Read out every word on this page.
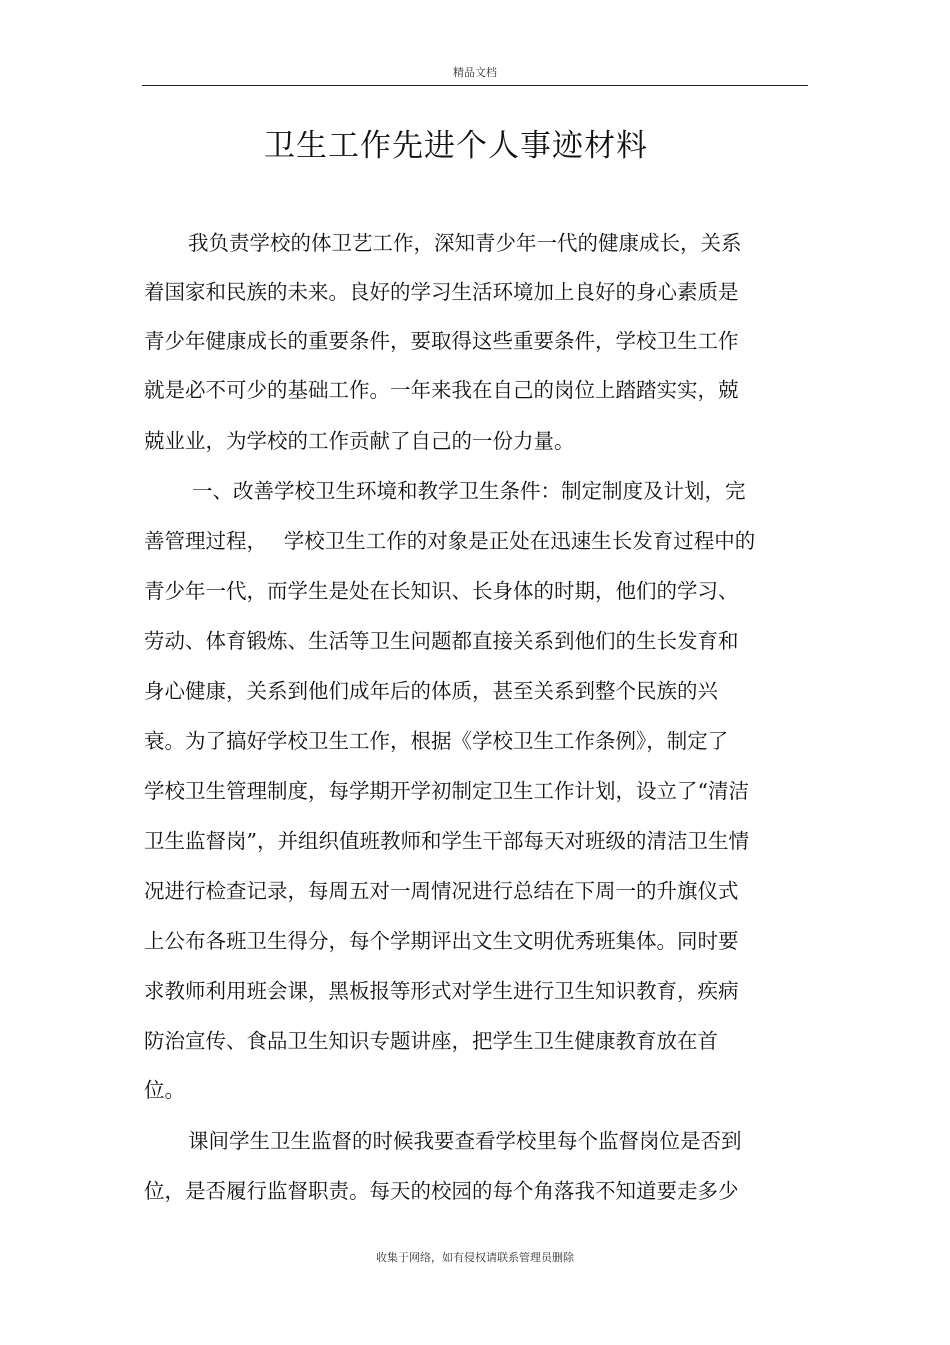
精品文档
卫生工作先进个人事迹材料
我负责学校的体卫艺工作，深知青少年一代的健康成长，关系
着国家和民族的未来。良好的学习生活环境加上良好的身心素质是
青少年健康成长的重要条件，要取得这些重要条件，学校卫生工作
就是必不可少的基础工作。一年来我在自己的岗位上踏踏实实，兢
兢业业，为学校的工作贡献了自己的一份力量。
一、改善学校卫生环境和教学卫生条件：制定制度及计划，完
善管理过程，　 学校卫生工作的对象是正处在迅速生长发育过程中的
青少年一代，而学生是处在长知识、长身体的时期，他们的学习、
劳动、体育锻炼、生活等卫生问题都直接关系到他们的生长发育和
身心健康，关系到他们成年后的体质，甚至关系到整个民族的兴
衰。为了搞好学校卫生工作，根据《学校卫生工作条例》，制定了
学校卫生管理制度，每学期开学初制定卫生工作计划，设立了“清洁
卫生监督岗”，并组织值班教师和学生干部每天对班级的清洁卫生情
况进行检查记录，每周五对一周情况进行总结在下周一的升旗仪式
上公布各班卫生得分，每个学期评出文生文明优秀班集体。同时要
求教师利用班会课，黑板报等形式对学生进行卫生知识教育，疾病
防治宣传、食品卫生知识专题讲座，把学生卫生健康教育放在首
位。
课间学生卫生监督的时候我要查看学校里每个监督岗位是否到
位，是否履行监督职责。每天的校园的每个角落我不知道要走多少
收集于网络，如有侵权请联系管理员删除
